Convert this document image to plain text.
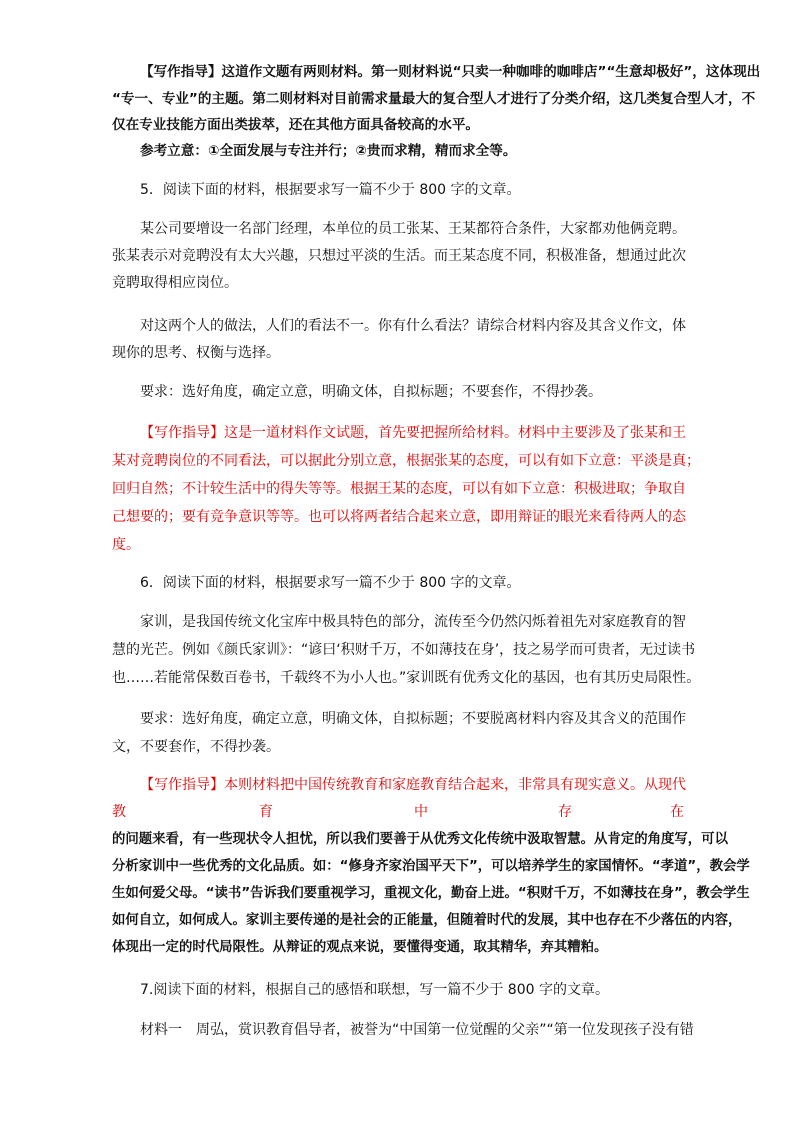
【写作指导】这道作文题有两则材料。第一则材料说“只卖一种咖啡的咖啡店”“生意却极好”，这体现出
“专一、专业”的主题。第二则材料对目前需求量最大的复合型人才进行了分类介绍，这几类复合型人才，不
仅在专业技能方面出类拔萃，还在其他方面具备较高的水平。
参考立意：①全面发展与专注并行；②贵而求精，精而求全等。
5．阅读下面的材料，根据要求写一篇不少于 800 字的文章。
某公司要增设一名部门经理，本单位的员工张某、王某都符合条件，大家都劝他俩竞聘。
张某表示对竞聘没有太大兴趣，只想过平淡的生活。而王某态度不同，积极准备，想通过此次
竞聘取得相应岗位。
对这两个人的做法，人们的看法不一。你有什么看法？请综合材料内容及其含义作文，体
现你的思考、权衡与选择。
要求：选好角度，确定立意，明确文体，自拟标题；不要套作，不得抄袭。
【写作指导】这是一道材料作文试题，首先要把握所给材料。材料中主要涉及了张某和王
某对竞聘岗位的不同看法，可以据此分别立意，根据张某的态度，可以有如下立意：平淡是真；
回归自然；不计较生活中的得失等等。根据王某的态度，可以有如下立意：积极进取；争取自
己想要的；要有竞争意识等等。也可以将两者结合起来立意，即用辩证的眼光来看待两人的态
度。
6．阅读下面的材料，根据要求写一篇不少于 800 字的文章。
家训，是我国传统文化宝库中极具特色的部分，流传至今仍然闪烁着祖先对家庭教育的智
慧的光芒。例如《颜氏家训》：“谚曰‘积财千万，不如薄技在身’，技之易学而可贵者，无过读书
也……若能常保数百卷书，千载终不为小人也。”家训既有优秀文化的基因，也有其历史局限性。
要求：选好角度，确定立意，明确文体，自拟标题；不要脱离材料内容及其含义的范围作
文，不要套作，不得抄袭。
【写作指导】本则材料把中国传统教育和家庭教育结合起来，非常具有现实意义。从现代
教	育	中	存	在
的问题来看，有一些现状令人担忧，所以我们要善于从优秀文化传统中汲取智慧。从肯定的角度写，可以
分析家训中一些优秀的文化品质。如：“修身齐家治国平天下”，可以培养学生的家国情怀。“孝道”，教会学
生如何爱父母。“读书”告诉我们要重视学习，重视文化，勤奋上进。“积财千万，不如薄技在身”，教会学生
如何自立，如何成人。家训主要传递的是社会的正能量，但随着时代的发展，其中也存在不少落伍的内容，
体现出一定的时代局限性。从辩证的观点来说，要懂得变通，取其精华，弃其糟粕。
7.阅读下面的材料，根据自己的感悟和联想，写一篇不少于 800 字的文章。
材料一　周弘，赏识教育倡导者，被誉为“中国第一位觉醒的父亲”“第一位发现孩子没有错
